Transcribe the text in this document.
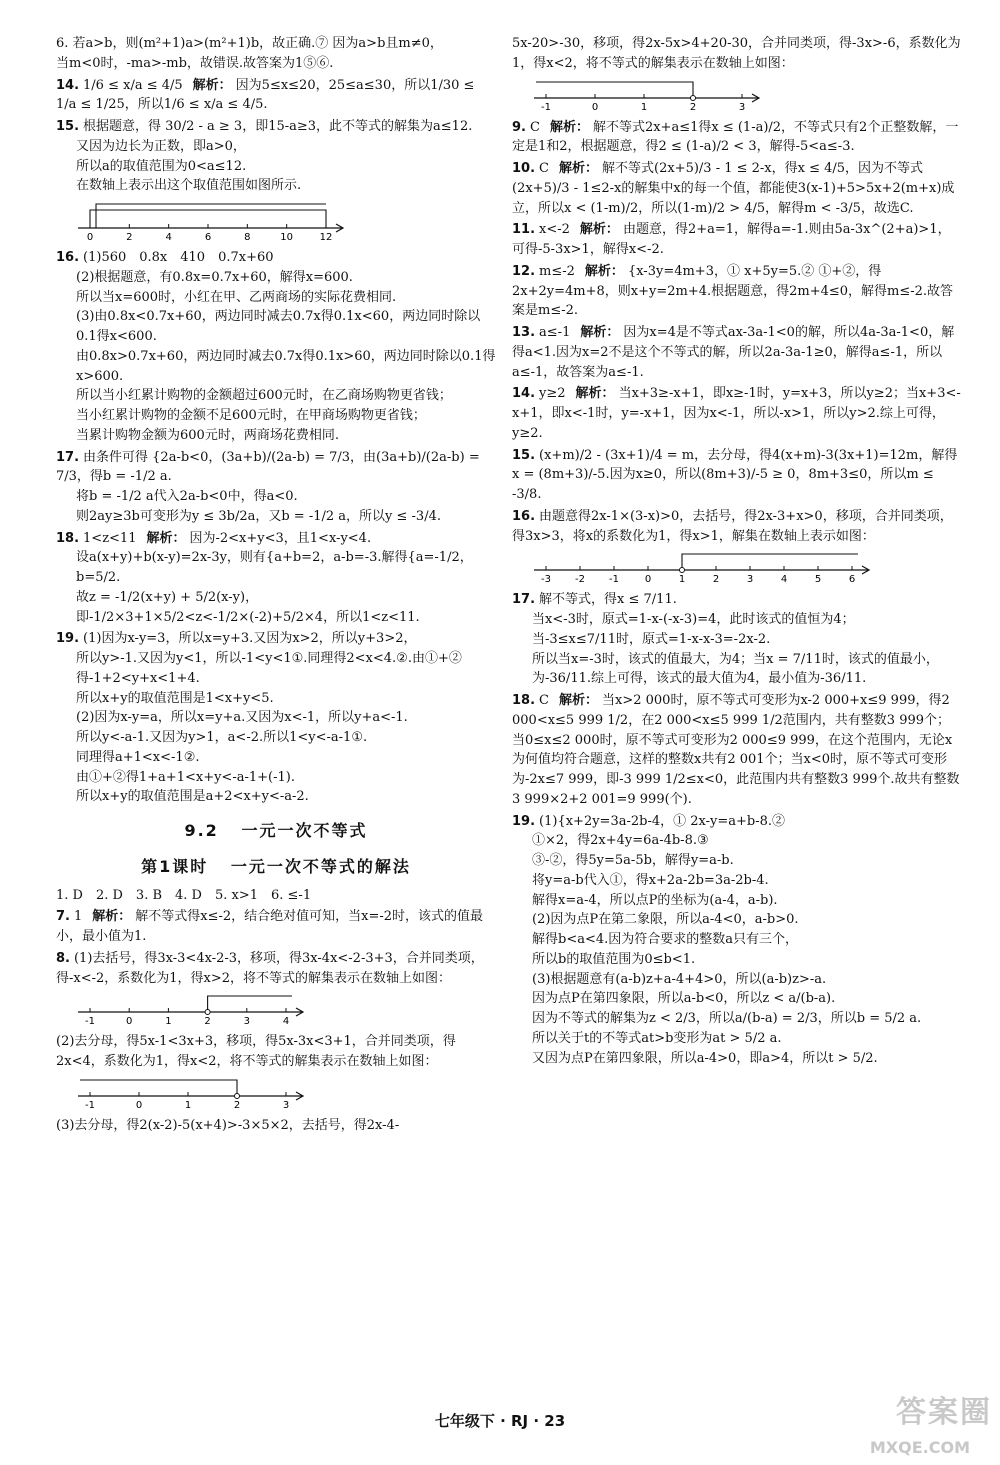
6. 若a>b，则(m²+1)a>(m²+1)b，故正确.⑦ 因为a>b且m≠0，
当m<0时，-ma>-mb，故错误.故答案为1⑤⑥.
14. 1/6 ≤ x/a ≤ 4/5 解析： 因为5≤x≤20，25≤a≤30，所以1/30 ≤ 1/a ≤ 1/25，所以1/6 ≤ x/a ≤ 4/5.
15. 根据题意，得 30/2 - a ≥ 3，即15-a≥3，此不等式的解集为a≤12.
又因为边长为正数，即a>0，
所以a的取值范围为0<a≤12.
在数轴上表示出这个取值范围如图所示.
0	2	4	6	8	10	12
16. (1)560　0.8x　410　0.7x+60
(2)根据题意，有0.8x=0.7x+60，解得x=600.
所以当x=600时，小红在甲、乙两商场的实际花费相同.
(3)由0.8x<0.7x+60，两边同时减去0.7x得0.1x<60，两边同时除以0.1得x<600.
由0.8x>0.7x+60，两边同时减去0.7x得0.1x>60，两边同时除以0.1得x>600.
所以当小红累计购物的金额超过600元时，在乙商场购物更省钱；
当小红累计购物的金额不足600元时，在甲商场购物更省钱；
当累计购物金额为600元时，两商场花费相同.
17. 由条件可得 {2a-b<0，(3a+b)/(2a-b) = 7/3，由(3a+b)/(2a-b) = 7/3，得b = -1/2 a.
将b = -1/2 a代入2a-b<0中，得a<0.
则2ay≥3b可变形为y ≤ 3b/2a，又b = -1/2 a，所以y ≤ -3/4.
18. 1<z<11 解析： 因为-2<x+y<3，且1<x-y<4.
设a(x+y)+b(x-y)=2x-3y，则有{a+b=2，a-b=-3.解得{a=-1/2，b=5/2.
故z = -1/2(x+y) + 5/2(x-y)，即-1/2×3+1×5/2<z<-1/2×(-2)+5/2×4，所以1<z<11.
19. (1)因为x-y=3，所以x=y+3.又因为x>2，所以y+3>2，
所以y>-1.又因为y<1，所以-1<y<1①.同理得2<x<4.②.由①+②得-1+2<y+x<1+4.
所以x+y的取值范围是1<x+y<5.
(2)因为x-y=a，所以x=y+a.又因为x<-1，所以y+a<-1.
所以y<-a-1.又因为y>1，a<-2.所以1<y<-a-1①.
同理得a+1<x<-1②.
由①+②得1+a+1<x+y<-a-1+(-1).
所以x+y的取值范围是a+2<x+y<-a-2.
9.2 一元一次不等式
第1课时 一元一次不等式的解法
1. D　2. D　3. B　4. D　5. x>1　6. ≤-1
7. 1 解析： 解不等式得x≤-2，结合绝对值可知，当x=-2时，该式的值最小，最小值为1.
8. (1)去括号，得3x-3<4x-2-3，移项，得3x-4x<-2-3+3，合并同类项，得-x<-2，系数化为1，得x>2，将不等式的解集表示在数轴上如图：
-1	0	1	2	3	4
(2)去分母，得5x-1<3x+3，移项，得5x-3x<3+1，合并同类项，得2x<4，系数化为1，得x<2，将不等式的解集表示在数轴上如图：
-1	0	1	2	3
(3)去分母，得2(x-2)-5(x+4)>-3×5×2，去括号，得2x-4-
5x-20>-30，移项，得2x-5x>4+20-30，合并同类项，得-3x>-6，系数化为1，得x<2，将不等式的解集表示在数轴上如图：
-1	0	1	2	3
9. C 解析： 解不等式2x+a≤1得x ≤ (1-a)/2，不等式只有2个正整数解，一定是1和2，根据题意，得2 ≤ (1-a)/2 < 3，解得-5<a≤-3.
10. C 解析： 解不等式(2x+5)/3 - 1 ≤ 2-x，得x ≤ 4/5，因为不等式(2x+5)/3 - 1≤2-x的解集中x的每一个值，都能使3(x-1)+5>5x+2(m+x)成立，所以x < (1-m)/2，所以(1-m)/2 > 4/5，解得m < -3/5，故选C.
11. x<-2 解析： 由题意，得2+a=1，解得a=-1.则由5a-3x^(2+a)>1，可得-5-3x>1，解得x<-2.
12. m≤-2 解析： {x-3y=4m+3，① x+5y=5.② ①+②，得2x+2y=4m+8，则x+y=2m+4.根据题意，得2m+4≤0，解得m≤-2.故答案是m≤-2.
13. a≤-1 解析： 因为x=4是不等式ax-3a-1<0的解，所以4a-3a-1<0，解得a<1.因为x=2不是这个不等式的解，所以2a-3a-1≥0，解得a≤-1，所以a≤-1，故答案为a≤-1.
14. y≥2 解析： 当x+3≥-x+1，即x≥-1时，y=x+3，所以y≥2；当x+3<-x+1，即x<-1时，y=-x+1，因为x<-1，所以-x>1，所以y>2.综上可得，y≥2.
15. (x+m)/2 - (3x+1)/4 = m，去分母，得4(x+m)-3(3x+1)=12m，解得x = (8m+3)/-5.因为x≥0，所以(8m+3)/-5 ≥ 0，8m+3≤0，所以m ≤ -3/8.
16. 由题意得2x-1×(3-x)>0，去括号，得2x-3+x>0，移项，合并同类项，得3x>3，将x的系数化为1，得x>1，解集在数轴上表示如图：
-3 -2 -1	0	1	2	3	4	5	6
17. 解不等式，得x ≤ 7/11.
当x<-3时，原式=1-x-(-x-3)=4，此时该式的值恒为4；
当-3≤x≤7/11时，原式=1-x-x-3=-2x-2.
所以当x=-3时，该式的值最大，为4；当x = 7/11时，该式的值最小，为-36/11.综上可得，该式的最大值为4，最小值为-36/11.
18. C 解析： 当x>2 000时，原不等式可变形为x-2 000+x≤9 999，得2 000<x≤5 999 1/2，在2 000<x≤5 999 1/2范围内，共有整数3 999个；当0≤x≤2 000时，原不等式可变形为2 000≤9 999，在这个范围内，无论x为何值均符合题意，这样的整数x共有2 001个；当x<0时，原不等式可变形为-2x≤7 999，即-3 999 1/2≤x<0，此范围内共有整数3 999个.故共有整数3 999×2+2 001=9 999(个).
19. (1){x+2y=3a-2b-4，① 2x-y=a+b-8.②
①×2，得2x+4y=6a-4b-8.③
③-②，得5y=5a-5b，解得y=a-b.
将y=a-b代入①，得x+2a-2b=3a-2b-4.
解得x=a-4，所以点P的坐标为(a-4，a-b).
(2)因为点P在第二象限，所以a-4<0，a-b>0.
解得b<a<4.因为符合要求的整数a只有三个，
所以b的取值范围为0≤b<1.
(3)根据题意有(a-b)z+a-4+4>0，所以(a-b)z>-a.
因为点P在第四象限，所以a-b<0，所以z < a/(b-a).
因为不等式的解集为z < 2/3，所以a/(b-a) = 2/3，所以b = 5/2 a.
所以关于t的不等式at>b变形为at > 5/2 a.
又因为点P在第四象限，所以a-4>0，即a>4，所以t > 5/2.
七年级下 · RJ · 23	答案圈
MXQE.COM
